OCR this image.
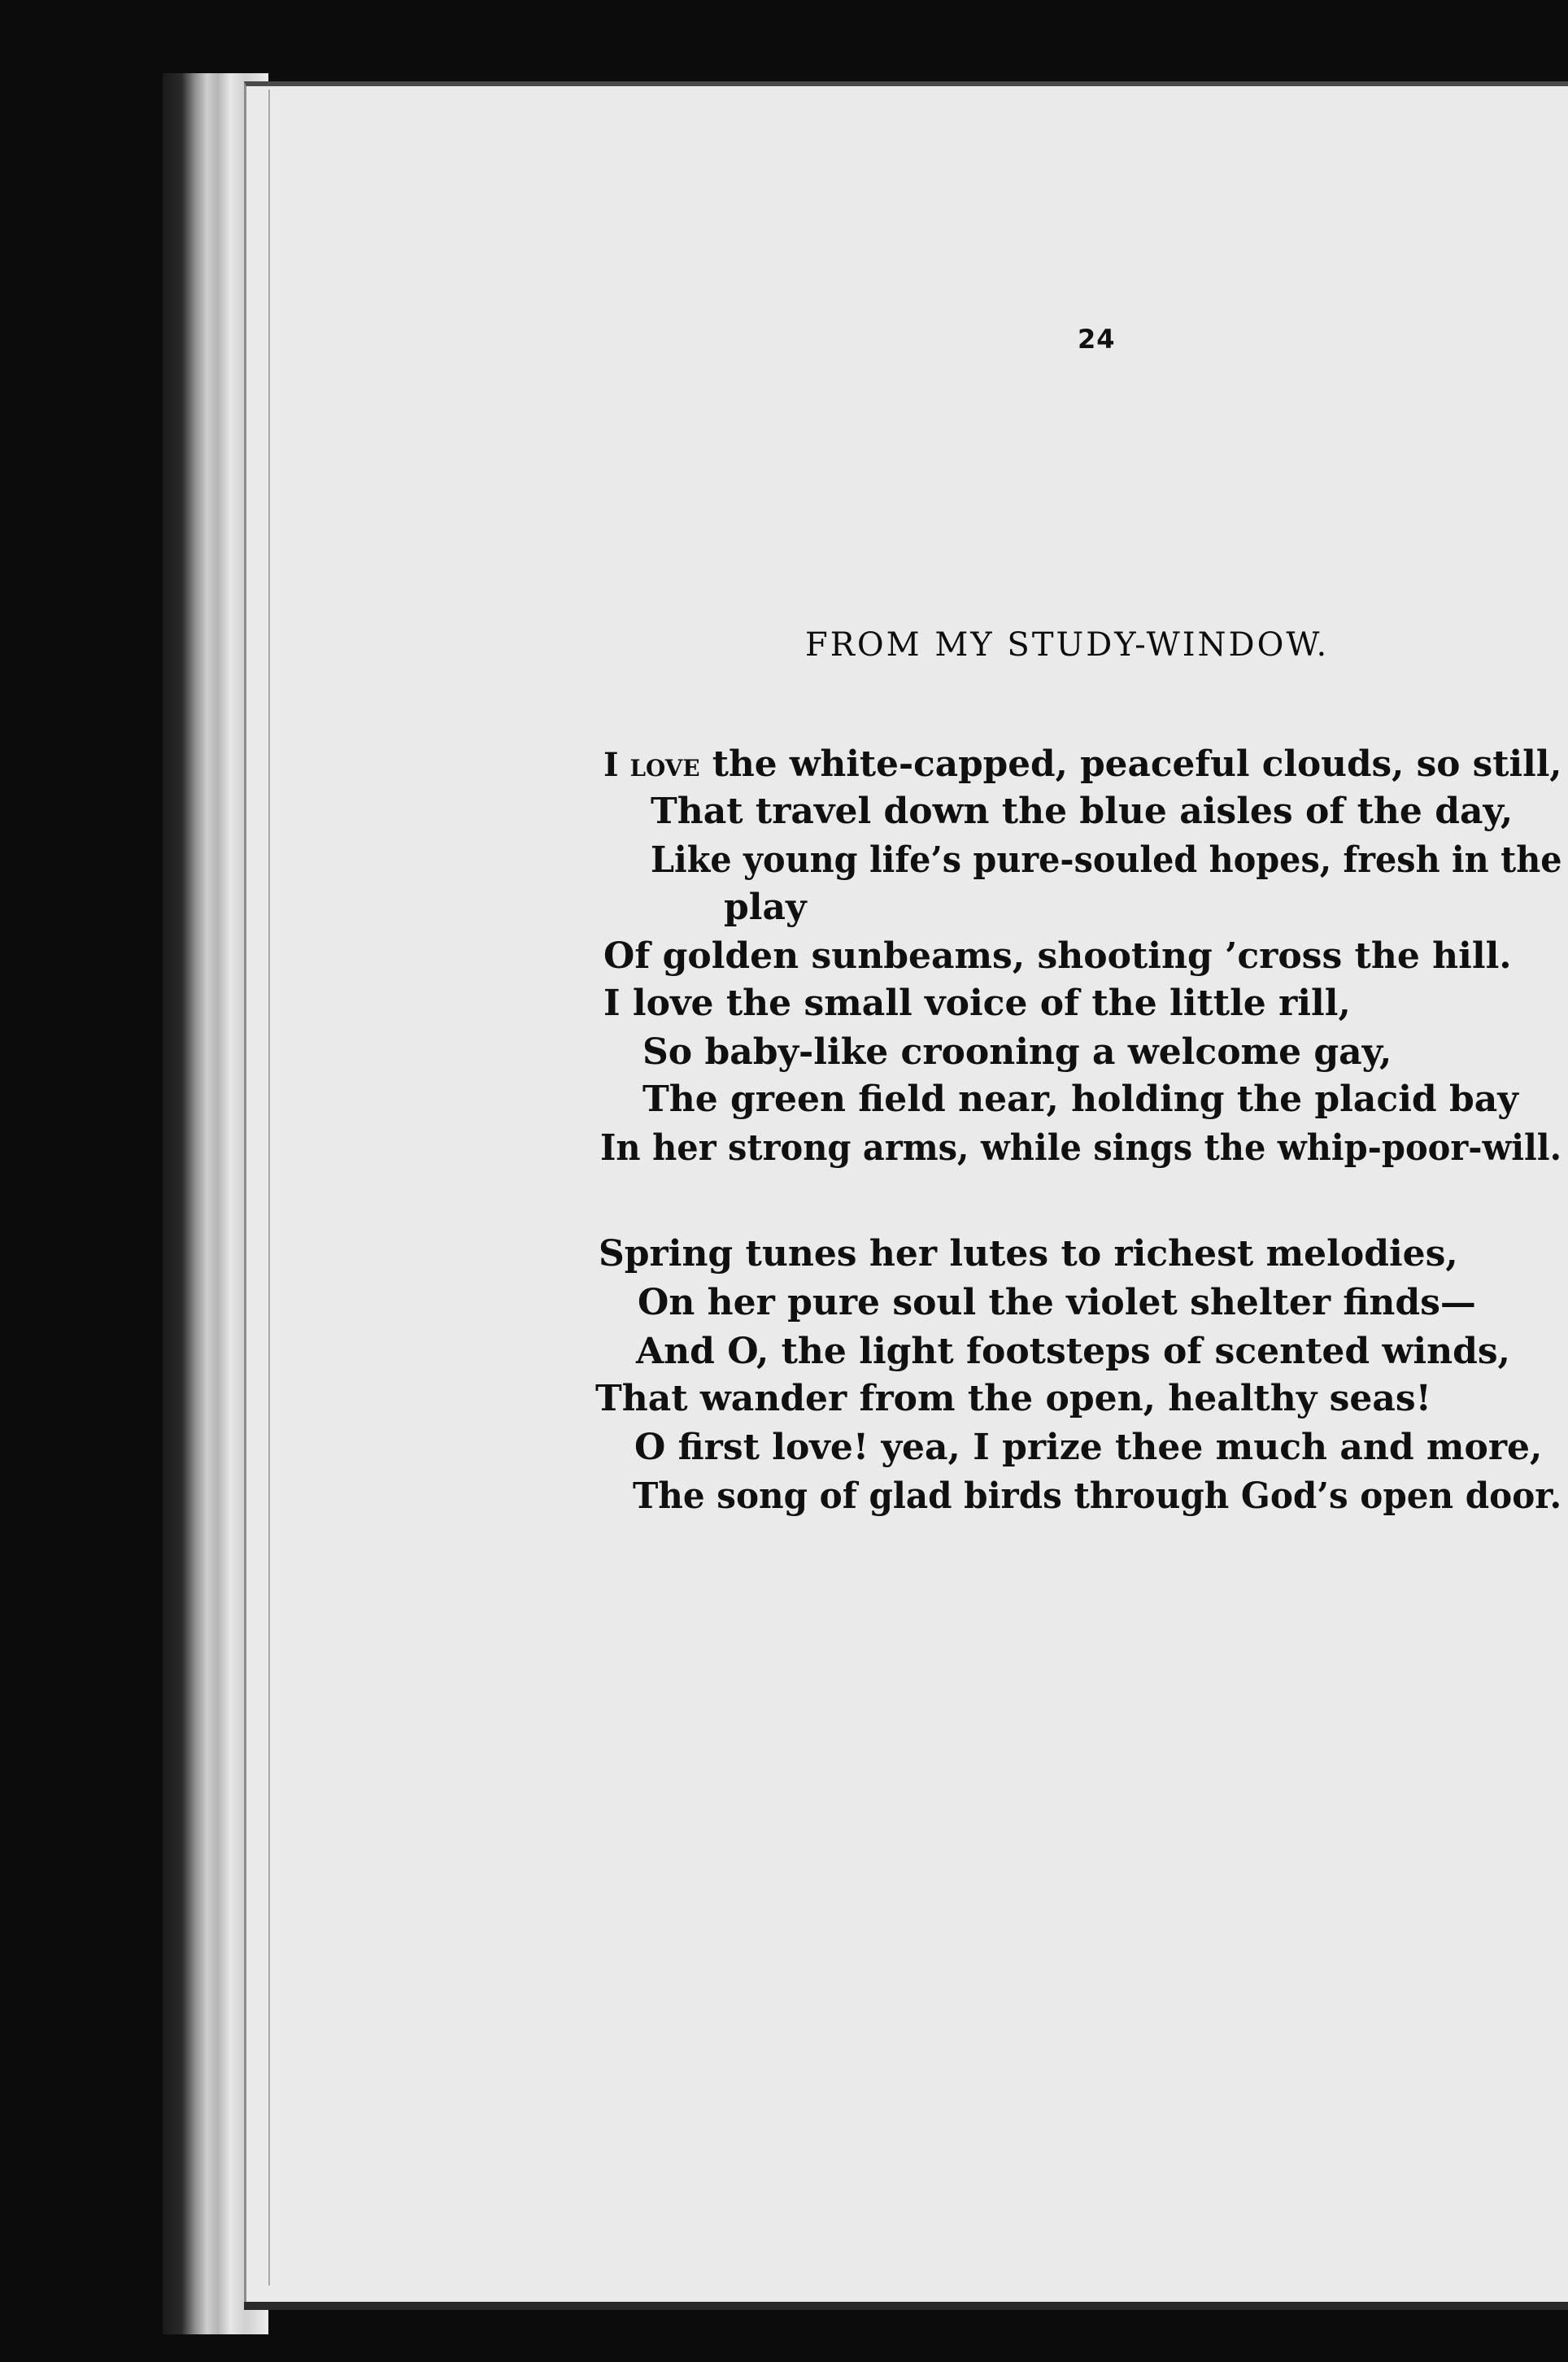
24
FROM MY STUDY-WINDOW.
I love the white-capped, peaceful clouds, so still,
That travel down the blue aisles of the day,
Like young life’s pure-souled hopes, fresh in the
play
Of golden sunbeams, shooting ’cross the hill.
I love the small voice of the little rill,
So baby-like crooning a welcome gay,
The green field near, holding the placid bay
In her strong arms, while sings the whip-poor-will.
Spring tunes her lutes to richest melodies,
On her pure soul the violet shelter finds—
And O, the light footsteps of scented winds,
That wander from the open, healthy seas!
O first love! yea, I prize thee much and more,
The song of glad birds through God’s open door.
